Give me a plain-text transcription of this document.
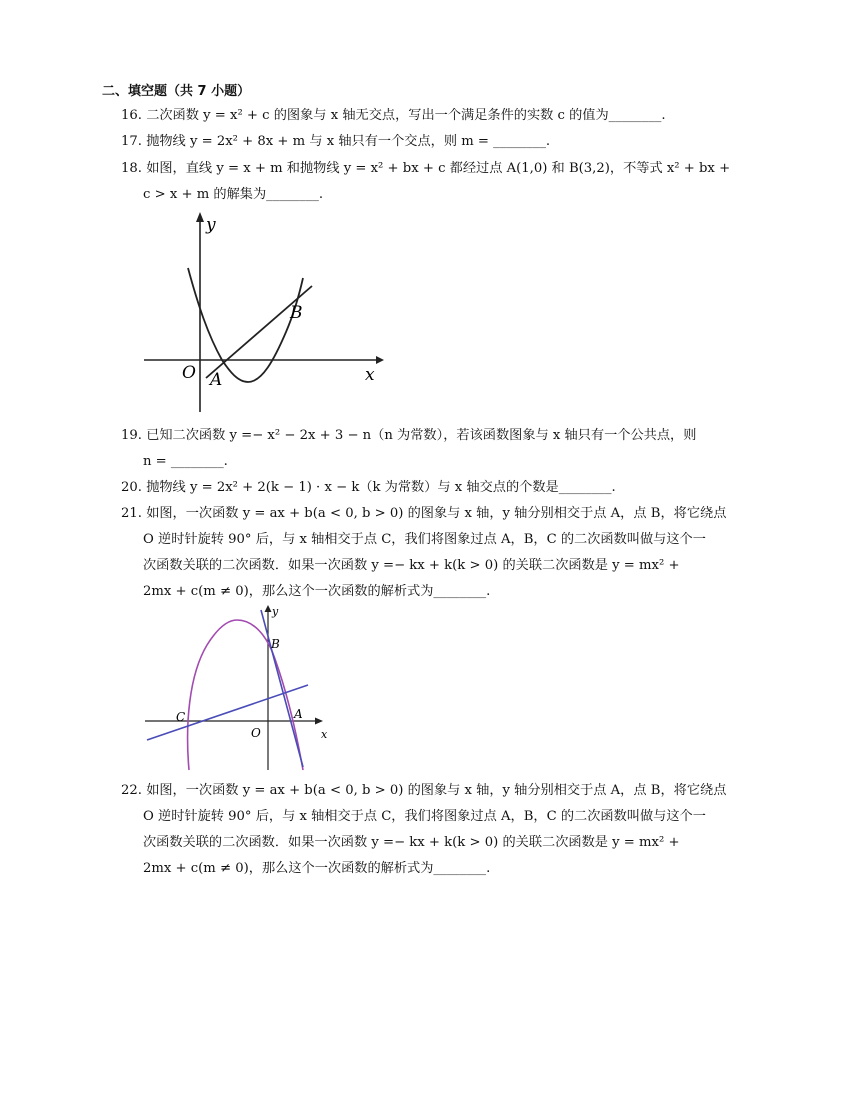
二、填空题（共 7 小题）
16. 二次函数 y = x² + c 的图象与 x 轴无交点，写出一个满足条件的实数 c 的值为________.
17. 抛物线 y = 2x² + 8x + m 与 x 轴只有一个交点，则 m = ________.
18. 如图，直线 y = x + m 和抛物线 y = x² + bx + c 都经过点 A(1,0) 和 B(3,2)，不等式 x² + bx +
c > x + m 的解集为________.
y
x
O A
B
19. 已知二次函数 y =− x² − 2x + 3 − n（n 为常数），若该函数图象与 x 轴只有一个公共点，则
n = ________.
20. 抛物线 y = 2x² + 2(k − 1) · x − k（k 为常数）与 x 轴交点的个数是________.
21. 如图，一次函数 y = ax + b(a < 0, b > 0) 的图象与 x 轴，y 轴分别相交于点 A，点 B，将它绕点
O 逆时针旋转 90° 后，与 x 轴相交于点 C，我们将图象过点 A，B，C 的二次函数叫做与这个一
次函数关联的二次函数．如果一次函数 y =− kx + k(k > 0) 的关联二次函数是 y = mx² +
2mx + c(m ≠ 0)，那么这个一次函数的解析式为________.
y
x
O
A
B
C
22. 如图，一次函数 y = ax + b(a < 0, b > 0) 的图象与 x 轴，y 轴分别相交于点 A，点 B，将它绕点
O 逆时针旋转 90° 后，与 x 轴相交于点 C，我们将图象过点 A，B，C 的二次函数叫做与这个一
次函数关联的二次函数．如果一次函数 y =− kx + k(k > 0) 的关联二次函数是 y = mx² +
2mx + c(m ≠ 0)，那么这个一次函数的解析式为________.
